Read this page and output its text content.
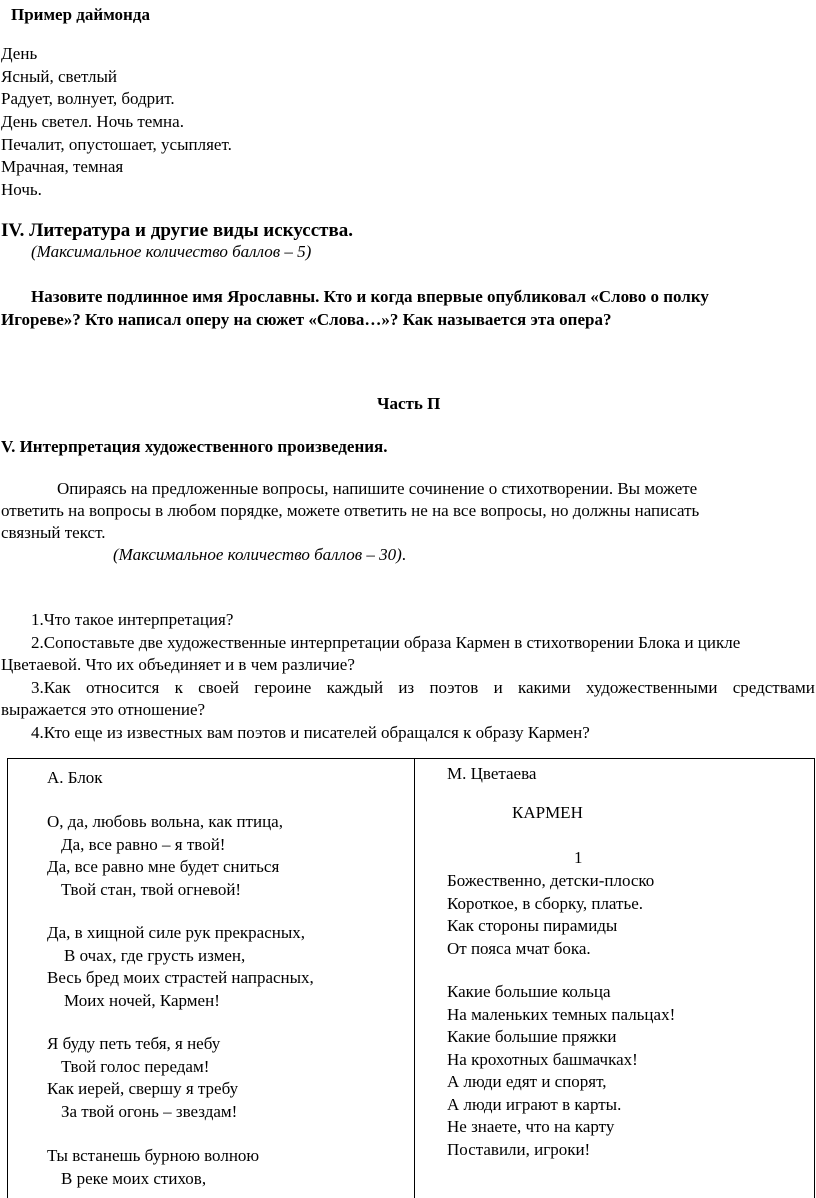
Пример даймонда
День
Ясный, светлый
Радует, волнует, бодрит.
День светел. Ночь темна.
Печалит, опустошает, усыпляет.
Мрачная, темная
Ночь.
IV. Литература и другие виды искусства.
(Максимальное количество баллов – 5)
Назовите подлинное имя Ярославны. Кто и когда впервые опубликовал «Слово о полку
Игореве»? Кто написал оперу на сюжет «Слова…»? Как называется эта опера?
Часть П
V. Интерпретация художественного произведения.
Опираясь на предложенные вопросы, напишите сочинение о стихотворении. Вы можете
ответить на вопросы в любом порядке, можете ответить не на все вопросы, но должны написать
связный текст.
(Максимальное количество баллов – 30).
1.Что такое интерпретация?
2.Сопоставьте две художественные интерпретации образа Кармен в стихотворении Блока и цикле
Цветаевой. Что их объединяет и в чем различие?
3.Как относится к своей героине каждый из поэтов и какими художественными средствами
выражается это отношение?
4.Кто еще из известных вам поэтов и писателей обращался к образу Кармен?
А. Блок
О, да, любовь вольна, как птица,
Да, все равно – я твой!
Да, все равно мне будет сниться
Твой стан, твой огневой!
Да, в хищной силе рук прекрасных,
В очах, где грусть измен,
Весь бред моих страстей напрасных,
Моих ночей, Кармен!
Я буду петь тебя, я небу
Твой голос передам!
Как иерей, свершу я требу
За твой огонь – звездам!
Ты встанешь бурною волною
В реке моих стихов,
М. Цветаева
КАРМЕН
1
Божественно, детски-плоско
Короткое, в сборку, платье.
Как стороны пирамиды
От пояса мчат бока.
Какие большие кольца
На маленьких темных пальцах!
Какие большие пряжки
На крохотных башмачках!
А люди едят и спорят,
А люди играют в карты.
Не знаете, что на карту
Поставили, игроки!
